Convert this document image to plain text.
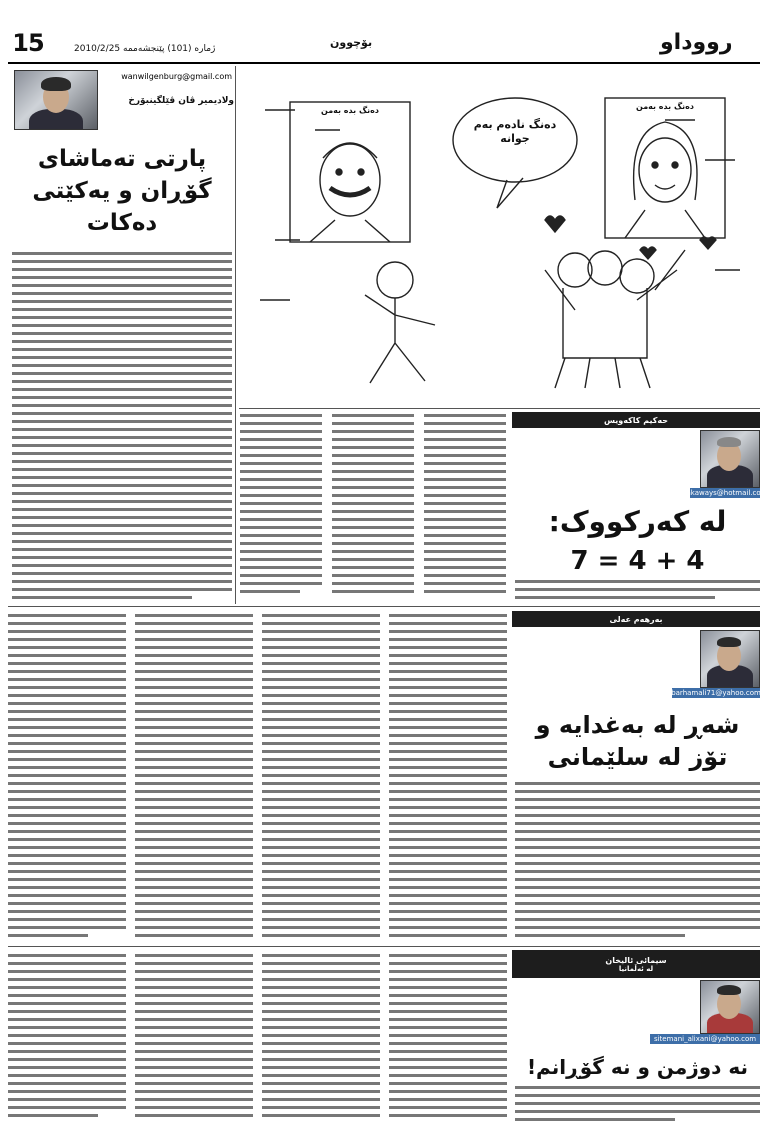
15	ژمارە (101) پێنجشەممە 2010/2/25	بۆچوون	رووداو
wanwilgenburg@gmail.com
ولادیمیر ڤان ڤێلگینبۆرخ
پارتی تەماشای
گۆڕان و یەکێتی
دەکات
دەنگ بدە بەمن	دەنگ بدە بەمن
دەنگ نادەم بەم جوانە
حەکیم کاکەویس
kakaways@hotmail.com
لە کەرکووک:
7 = 4 + 4
بەرهەم عەلی
barhamali71@yahoo.com
شەڕ لە بەغدایە و
تۆز لە سلێمانی
سیمائی ئالیخان
لە ئەڵمانیا
sitemani_alixani@yahoo.com
نە دوژمن و نە گۆڕانم!
